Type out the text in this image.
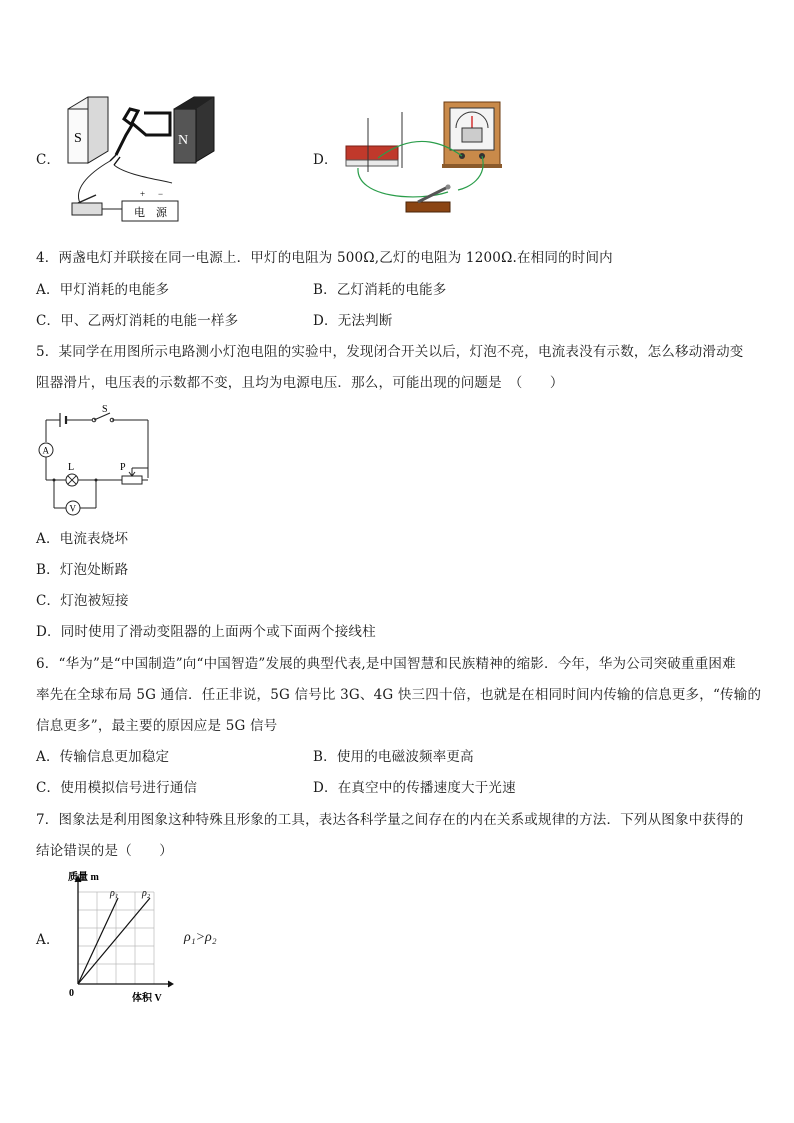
C．
S	N
+ −
电　源
D．
4．两盏电灯并联接在同一电源上．甲灯的电阻为 500Ω,乙灯的电阻为 1200Ω.在相同的时间内
A．甲灯消耗的电能多	B．乙灯消耗的电能多
C．甲、乙两灯消耗的电能一样多	D．无法判断
5．某同学在用图所示电路测小灯泡电阻的实验中，发现闭合开关以后，灯泡不亮，电流表没有示数，怎么移动滑动变
阻器滑片，电压表的示数都不变，且均为电源电压．那么，可能出现的问题是　（　　）
S
A
L	P
V
A．电流表烧坏
B．灯泡处断路
C．灯泡被短接
D．同时使用了滑动变阻器的上面两个或下面两个接线柱
6．“华为”是“中国制造”向“中国智造”发展的典型代表,是中国智慧和民族精神的缩影．今年，华为公司突破重重困难
率先在全球布局 5G 通信．任正非说，5G 信号比 3G、4G 快三四十倍，也就是在相同时间内传输的信息更多，“传输的
信息更多”，最主要的原因应是 5G 信号
A．传输信息更加稳定	B．使用的电磁波频率更高
C．使用模拟信号进行通信	D．在真空中的传播速度大于光速
7．图象法是利用图象这种特殊且形象的工具，表达各科学量之间存在的内在关系或规律的方法．下列从图象中获得的
结论错误的是（　　）
A．
ρ₁ ρ₂
质量 m
0	体积 V
ρ₁>ρ₂
